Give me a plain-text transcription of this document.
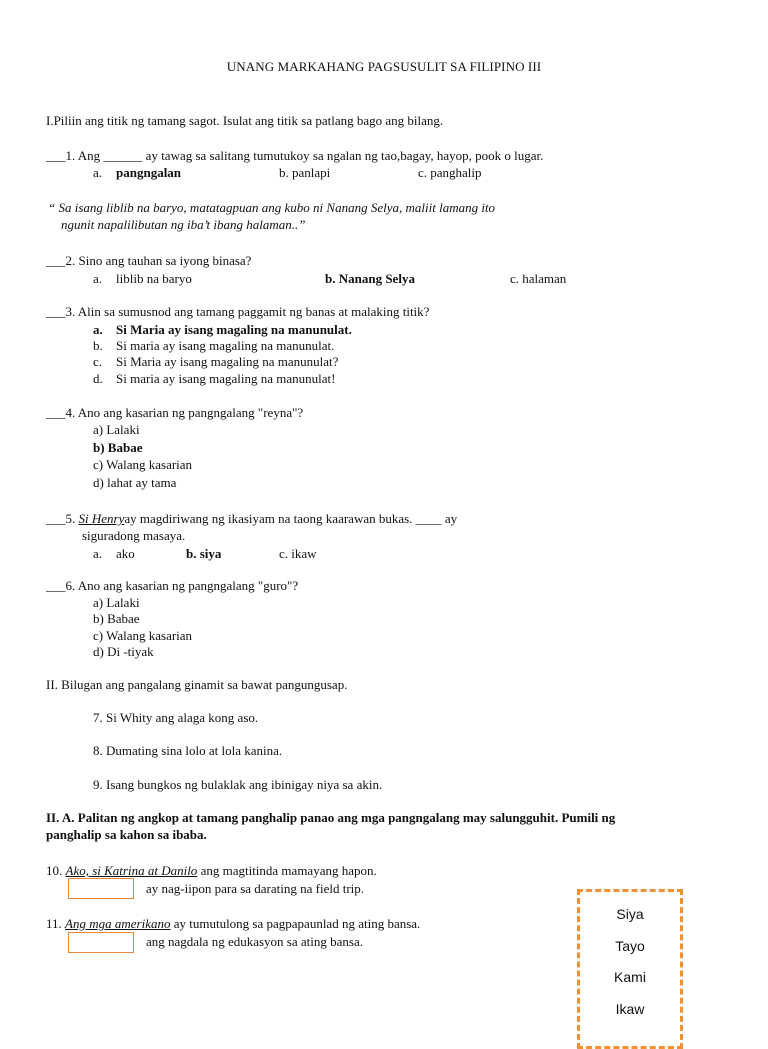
UNANG MARKAHANG PAGSUSULIT SA FILIPINO III
I.Piliin ang titik ng tamang sagot. Isulat ang titik sa patlang bago ang bilang.
___1. Ang ______ ay tawag sa salitang tumutukoy sa ngalan ng tao,bagay, hayop, pook o lugar.
a. pangngalan	b. panlapi	c. panghalip
“ Sa isang liblib na baryo, matatagpuan ang kubo ni Nanang Selya, maliit lamang ito
ngunit napalilibutan ng iba’t ibang halaman..”
___2. Sino ang tauhan sa iyong binasa?
a. liblib na baryo	b. Nanang Selya	c. halaman
___3. Alin sa sumusnod ang tamang paggamit ng banas at malaking titik?
a. Si Maria ay isang magaling na manunulat.
b. Si maria ay isang magaling na manunulat.
c. Si Maria ay isang magaling na manunulat?
d. Si maria ay isang magaling na manunulat!
___4. Ano ang kasarian ng pangngalang "reyna"?
a) Lalaki
b) Babae
c) Walang kasarian
d) lahat ay tama
___5. Si Henryay magdiriwang ng ikasiyam na taong kaarawan bukas. ____ ay
siguradong masaya.
a. ako	b. siya	c. ikaw
___6. Ano ang kasarian ng pangngalang "guro"?
a) Lalaki
b) Babae
c) Walang kasarian
d) Di -tiyak
II. Bilugan ang pangalang ginamit sa bawat pangungusap.
7. Si Whity ang alaga kong aso.
8. Dumating sina lolo at lola kanina.
9. Isang bungkos ng bulaklak ang ibinigay niya sa akin.
II. A. Palitan ng angkop at tamang panghalip panao ang mga pangngalang may salungguhit. Pumili ng
panghalip sa kahon sa ibaba.
10. Ako, si Katrina at Danilo ang magtitinda mamayang hapon.
ay nag-iipon para sa darating na field trip.
11. Ang mga amerikano ay tumutulong sa pagpapaunlad ng ating bansa.
ang nagdala ng edukasyon sa ating bansa.
Siya
Tayo
Kami
Ikaw
